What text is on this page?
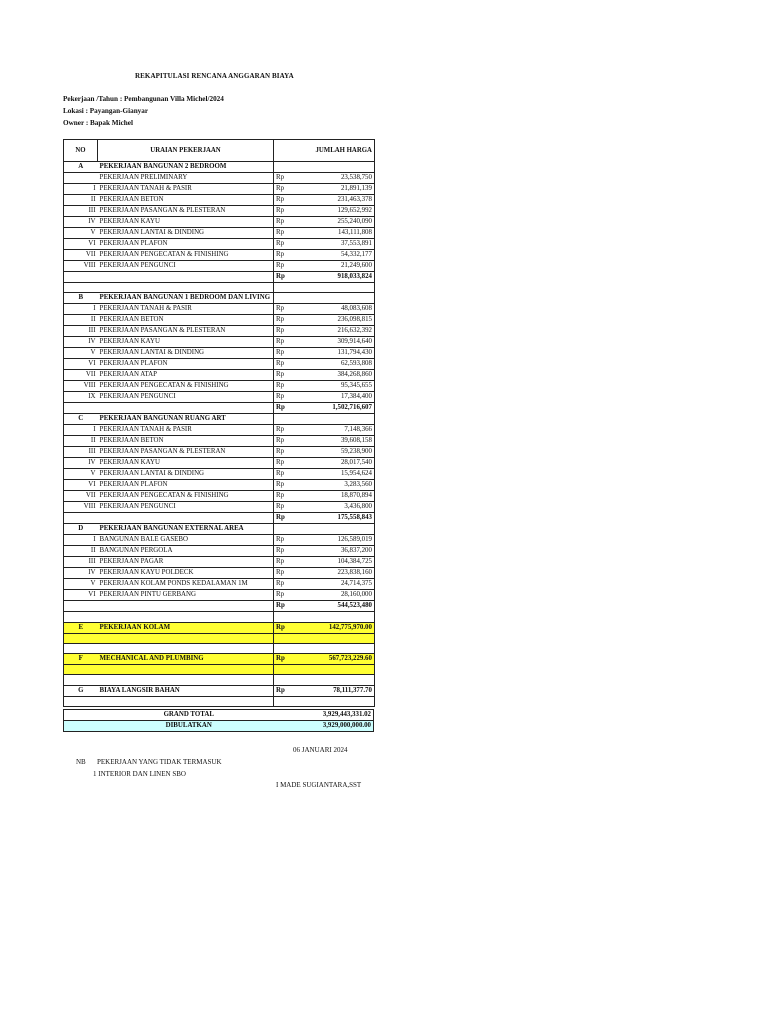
REKAPITULASI RENCANA ANGGARAN BIAYA
Pekerjaan /Tahun : Pembangunan Villa Michel/2024
Lokasi : Payangan-Gianyar
Owner : Bapak Michel
NO	URAIAN PEKERJAAN		JUMLAH HARGA
A	PEKERJAAN BANGUNAN 2 BEDROOM		
	PEKERJAAN PRELIMINARY	Rp	23,538,750
I	PEKERJAAN TANAH & PASIR	Rp	21,891,139
II	PEKERJAAN BETON	Rp	231,463,378
III	PEKERJAAN PASANGAN & PLESTERAN	Rp	129,652,992
IV	PEKERJAAN KAYU	Rp	255,240,090
V	PEKERJAAN LANTAI & DINDING	Rp	143,111,808
VI	PEKERJAAN PLAFON	Rp	37,553,891
VII	PEKERJAAN PENGECATAN & FINISHING	Rp	54,332,177
VIII	PEKERJAAN PENGUNCI	Rp	21,249,600
		Rp	918,033,824

B	PEKERJAAN BANGUNAN 1 BEDROOM DAN LIVING		
I	PEKERJAAN TANAH & PASIR	Rp	48,083,608
II	PEKERJAAN BETON	Rp	236,098,815
III	PEKERJAAN PASANGAN & PLESTERAN	Rp	216,632,392
IV	PEKERJAAN KAYU	Rp	309,914,640
V	PEKERJAAN LANTAI & DINDING	Rp	131,794,430
VI	PEKERJAAN PLAFON	Rp	62,593,808
VII	PEKERJAAN ATAP	Rp	384,268,860
VIII	PEKERJAAN PENGECATAN & FINISHING	Rp	95,345,655
IX	PEKERJAAN PENGUNCI	Rp	17,384,400
		Rp	1,502,716,607
C	PEKERJAAN BANGUNAN RUANG ART		
I	PEKERJAAN TANAH & PASIR	Rp	7,148,366
II	PEKERJAAN BETON	Rp	39,608,158
III	PEKERJAAN PASANGAN & PLESTERAN	Rp	59,238,900
IV	PEKERJAAN KAYU	Rp	28,017,540
V	PEKERJAAN LANTAI & DINDING	Rp	15,954,624
VI	PEKERJAAN PLAFON	Rp	3,283,560
VII	PEKERJAAN PENGECATAN & FINISHING	Rp	18,870,894
VIII	PEKERJAAN PENGUNCI	Rp	3,436,800
		Rp	175,558,843
D	PEKERJAAN BANGUNAN EXTERNAL AREA		
I	BANGUNAN BALE GASEBO	Rp	126,589,019
II	BANGUNAN PERGOLA	Rp	36,837,200
III	PEKERJAAN PAGAR	Rp	104,384,725
IV	PEKERJAAN KAYU POLDECK	Rp	223,838,160
V	PEKERJAAN KOLAM PONDS KEDALAMAN 1M	Rp	24,714,375
VI	PEKERJAAN PINTU GERBANG	Rp	28,160,000
		Rp	544,523,480

E	PEKERJAAN KOLAM	Rp	142,775,970.00

F	MECHANICAL AND PLUMBING	Rp	567,723,229.60

G	BIAYA LANGSIR BAHAN	Rp	78,111,377.70

GRAND TOTAL	3,929,443,331.02
DIBULATKAN	3,929,000,000.00
06 JANUARI 2024
NB PEKERJAAN YANG TIDAK TERMASUK
1 INTERIOR DAN LINEN SBO
I MADE SUGIANTARA,SST
